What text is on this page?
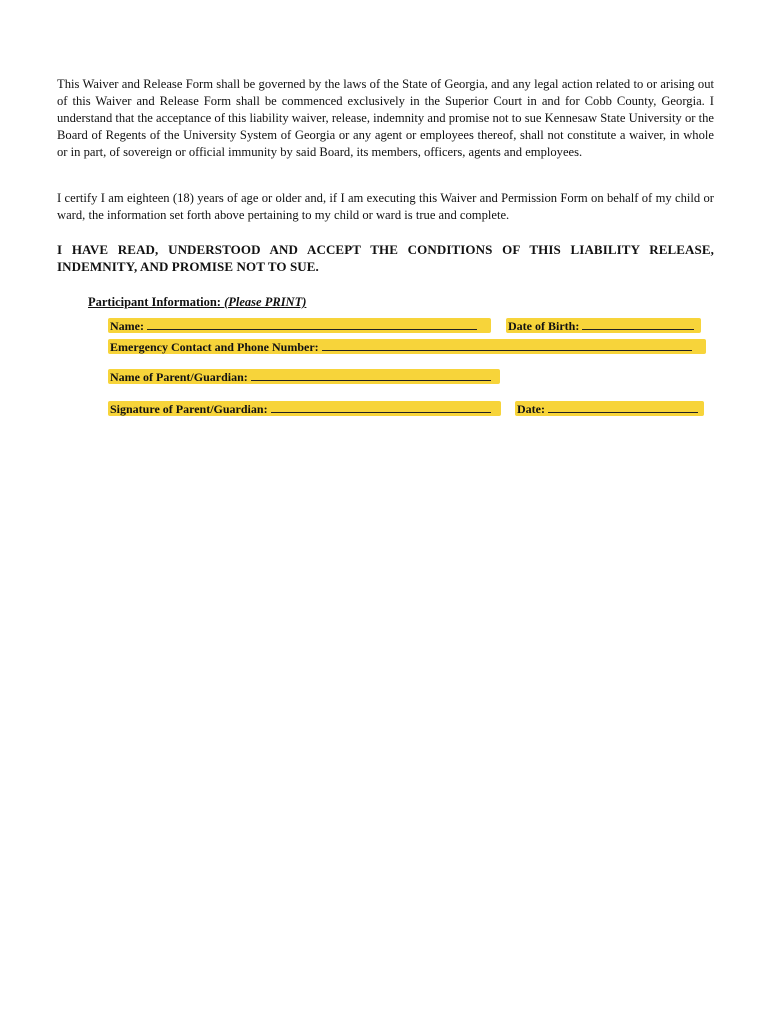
This Waiver and Release Form shall be governed by the laws of the State of Georgia, and any legal action related to or arising out of this Waiver and Release Form shall be commenced exclusively in the Superior Court in and for Cobb County, Georgia. I understand that the acceptance of this liability waiver, release, indemnity and promise not to sue Kennesaw State University or the Board of Regents of the University System of Georgia or any agent or employees thereof, shall not constitute a waiver, in whole or in part, of sovereign or official immunity by said Board, its members, officers, agents and employees.

I certify I am eighteen (18) years of age or older and, if I am executing this Waiver and Permission Form on behalf of my child or ward, the information set forth above pertaining to my child or ward is true and complete.

I HAVE READ, UNDERSTOOD AND ACCEPT THE CONDITIONS OF THIS LIABILITY RELEASE, INDEMNITY, AND PROMISE NOT TO SUE.

Participant Information: (Please PRINT)

Name:	Date of Birth:
Emergency Contact and Phone Number:
Name of Parent/Guardian:
Signature of Parent/Guardian:	Date:
